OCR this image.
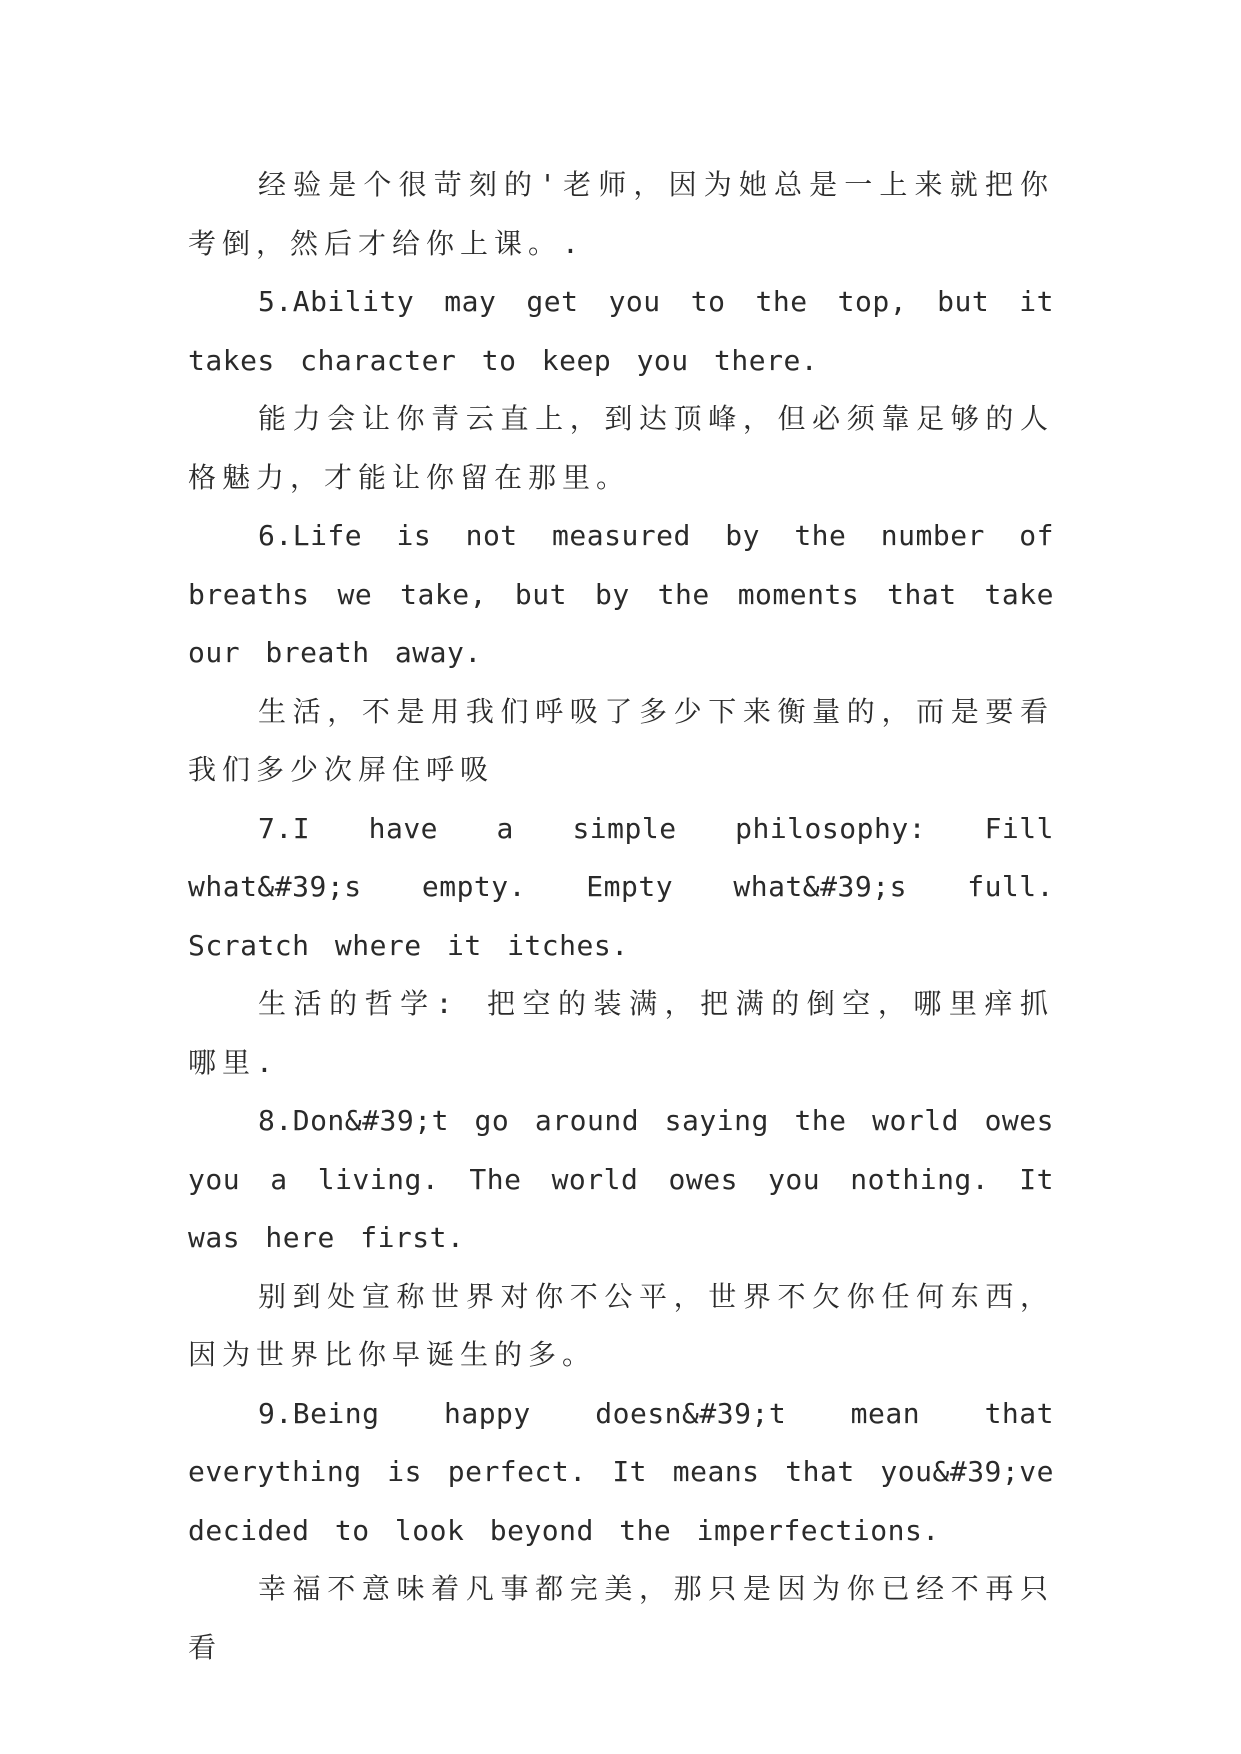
经验是个很苛刻的'老师，因为她总是一上来就把你考倒，然后才给你上课。.

5.Ability may get you to the top, but it takes character to keep you there.

能力会让你青云直上，到达顶峰，但必须靠足够的人格魅力，才能让你留在那里。

6.Life is not measured by the number of breaths we take, but by the moments that take our breath away.

生活，不是用我们呼吸了多少下来衡量的，而是要看我们多少次屏住呼吸

7.I have a simple philosophy: Fill what&#39;s empty. Empty what&#39;s full. Scratch where it itches.

生活的哲学: 把空的装满，把满的倒空，哪里痒抓哪里.

8.Don&#39;t go around saying the world owes you a living. The world owes you nothing. It was here first.

别到处宣称世界对你不公平，世界不欠你任何东西，因为世界比你早诞生的多。

9.Being happy doesn&#39;t mean that everything is perfect. It means that you&#39;ve decided to look beyond the imperfections.

幸福不意味着凡事都完美，那只是因为你已经不再只看
